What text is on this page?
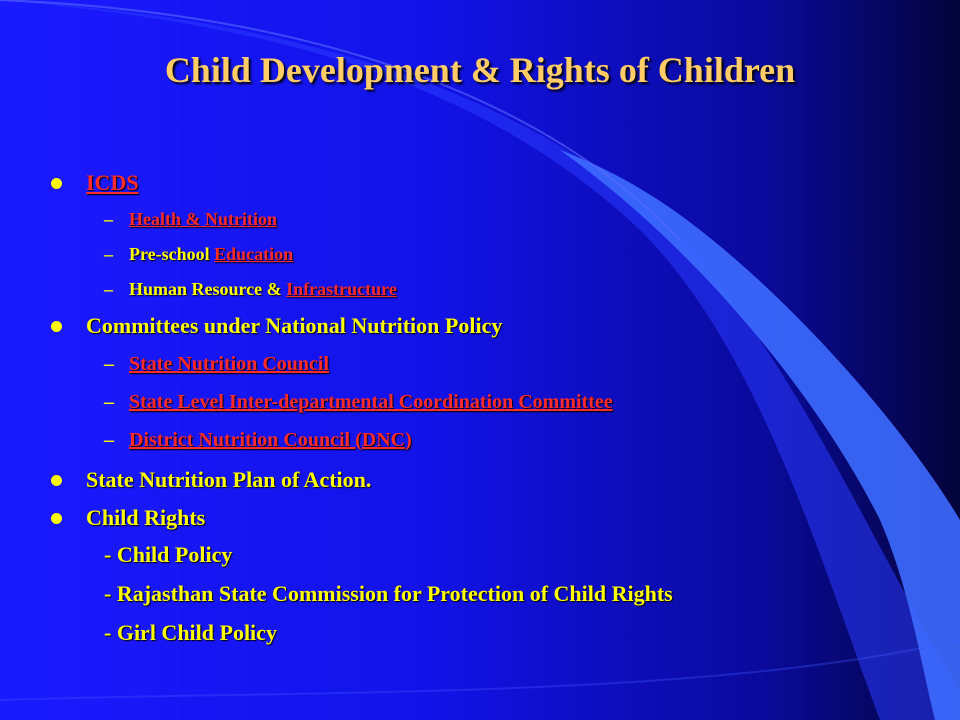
Child Development & Rights of Children
ICDS
– Health & Nutrition
– Pre-school Education
– Human Resource & Infrastructure
Committees under National Nutrition Policy
– State Nutrition Council
– State Level Inter-departmental Coordination Committee
– District Nutrition Council (DNC)
State Nutrition Plan of Action.
Child Rights
- Child Policy
- Rajasthan State Commission for Protection of Child Rights
- Girl Child Policy
